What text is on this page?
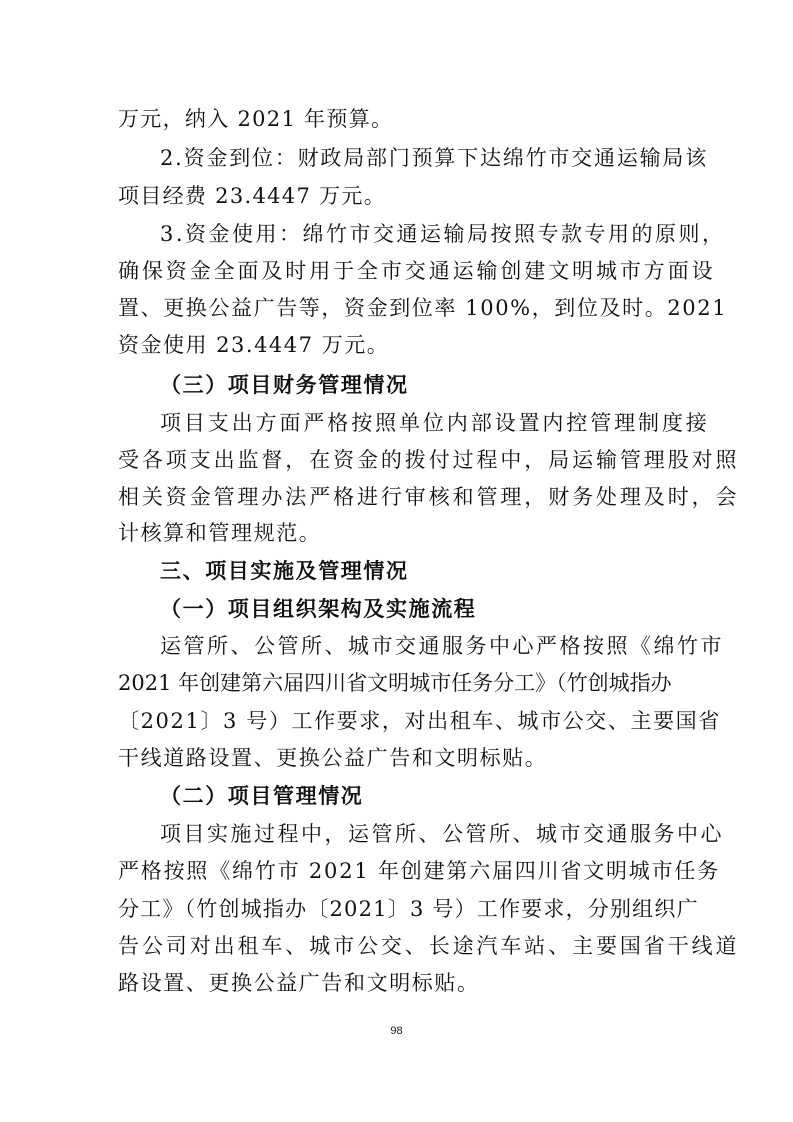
万元，纳入 2021 年预算。
2.资金到位：财政局部门预算下达绵竹市交通运输局该
项目经费 23.4447 万元。
3.资金使用：绵竹市交通运输局按照专款专用的原则，
确保资金全面及时用于全市交通运输创建文明城市方面设
置、更换公益广告等，资金到位率 100%，到位及时。2021
资金使用 23.4447 万元。
（三）项目财务管理情况
项目支出方面严格按照单位内部设置内控管理制度接
受各项支出监督，在资金的拨付过程中，局运输管理股对照
相关资金管理办法严格进行审核和管理，财务处理及时，会
计核算和管理规范。
三、项目实施及管理情况
（一）项目组织架构及实施流程
运管所、公管所、城市交通服务中心严格按照《绵竹市
2021 年创建第六届四川省文明城市任务分工》（竹创城指办
〔2021〕3 号）工作要求，对出租车、城市公交、主要国省
干线道路设置、更换公益广告和文明标贴。
（二）项目管理情况
项目实施过程中，运管所、公管所、城市交通服务中心
严格按照《绵竹市 2021 年创建第六届四川省文明城市任务
分工》（竹创城指办〔2021〕3 号）工作要求，分别组织广
告公司对出租车、城市公交、长途汽车站、主要国省干线道
路设置、更换公益广告和文明标贴。
98
